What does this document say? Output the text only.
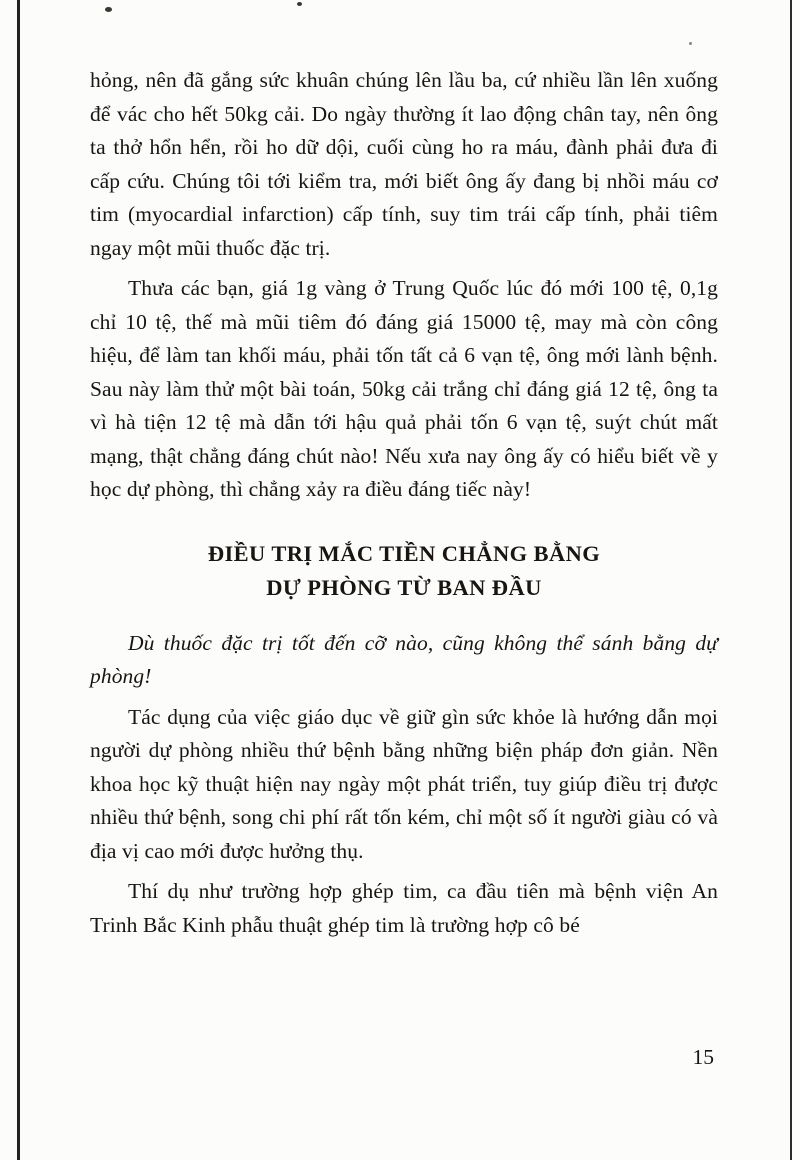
hỏng, nên đã gắng sức khuân chúng lên lầu ba, cứ nhiều lần lên xuống để vác cho hết 50kg cải. Do ngày thường ít lao động chân tay, nên ông ta thở hổn hển, rồi ho dữ dội, cuối cùng ho ra máu, đành phải đưa đi cấp cứu. Chúng tôi tới kiểm tra, mới biết ông ấy đang bị nhồi máu cơ tim (myocardial infarction) cấp tính, suy tim trái cấp tính, phải tiêm ngay một mũi thuốc đặc trị.

Thưa các bạn, giá 1g vàng ở Trung Quốc lúc đó mới 100 tệ, 0,1g chỉ 10 tệ, thế mà mũi tiêm đó đáng giá 15000 tệ, may mà còn công hiệu, để làm tan khối máu, phải tốn tất cả 6 vạn tệ, ông mới lành bệnh. Sau này làm thử một bài toán, 50kg cải trắng chỉ đáng giá 12 tệ, ông ta vì hà tiện 12 tệ mà dẫn tới hậu quả phải tốn 6 vạn tệ, suýt chút mất mạng, thật chẳng đáng chút nào! Nếu xưa nay ông ấy có hiểu biết về y học dự phòng, thì chẳng xảy ra điều đáng tiếc này!

ĐIỀU TRỊ MẮC TIỀN CHẲNG BẰNG
DỰ PHÒNG TỪ BAN ĐẦU

Dù thuốc đặc trị tốt đến cỡ nào, cũng không thể sánh bằng dự phòng!

Tác dụng của việc giáo dục về giữ gìn sức khỏe là hướng dẫn mọi người dự phòng nhiều thứ bệnh bằng những biện pháp đơn giản. Nền khoa học kỹ thuật hiện nay ngày một phát triển, tuy giúp điều trị được nhiều thứ bệnh, song chi phí rất tốn kém, chỉ một số ít người giàu có và địa vị cao mới được hưởng thụ.

Thí dụ như trường hợp ghép tim, ca đầu tiên mà bệnh viện An Trinh Bắc Kinh phẫu thuật ghép tim là trường hợp cô bé

15
